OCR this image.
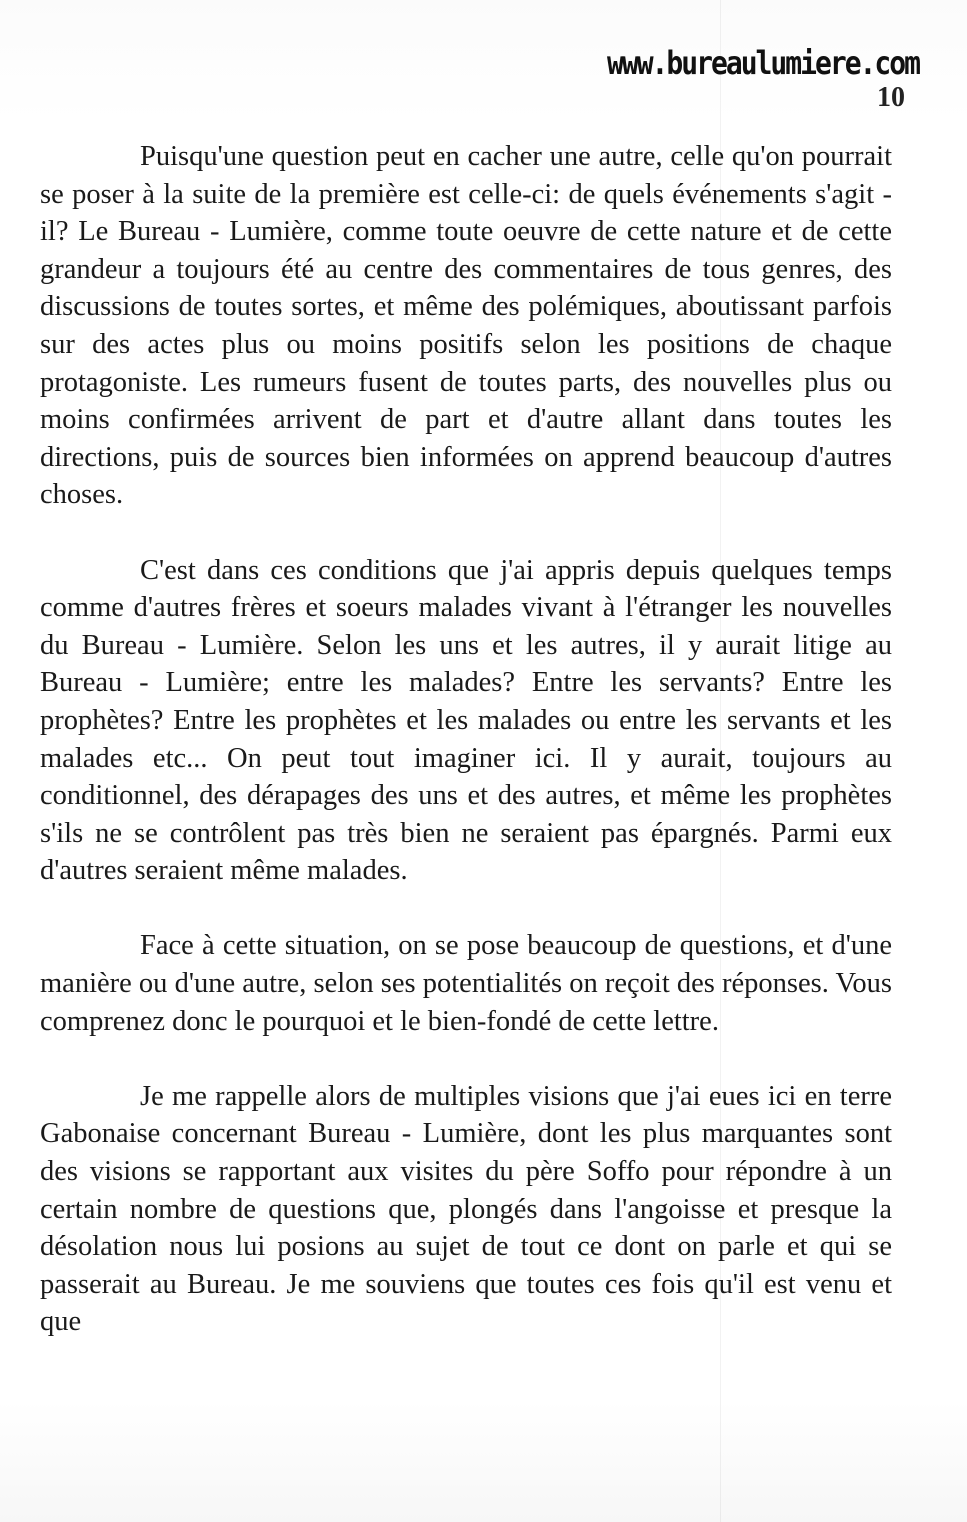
www.bureaulumiere.com
10

Puisqu'une question peut en cacher une autre, celle qu'on pourrait se poser à la suite de la première est celle-ci: de quels événements s'agit - il? Le Bureau - Lumière, comme toute oeuvre de cette nature et de cette grandeur a toujours été au centre des commentaires de tous genres, des discussions de toutes sortes, et même des polémiques, aboutissant parfois sur des actes plus ou moins positifs selon les positions de chaque protagoniste. Les rumeurs fusent de toutes parts, des nouvelles plus ou moins confirmées arrivent de part et d'autre allant dans toutes les directions, puis de sources bien informées on apprend beaucoup d'autres choses.

C'est dans ces conditions que j'ai appris depuis quelques temps comme d'autres frères et soeurs malades vivant à l'étranger les nouvelles du Bureau - Lumière. Selon les uns et les autres, il y aurait litige au Bureau - Lumière; entre les malades? Entre les servants? Entre les prophètes? Entre les prophètes et les malades ou entre les servants et les malades etc... On peut tout imaginer ici. Il y aurait, toujours au conditionnel, des dérapages des uns et des autres, et même les prophètes s'ils ne se contrôlent pas très bien ne seraient pas épargnés. Parmi eux d'autres seraient même malades.

Face à cette situation, on se pose beaucoup de questions, et d'une manière ou d'une autre, selon ses potentialités on reçoit des réponses. Vous comprenez donc le pourquoi et le bien-fondé de cette lettre.

Je me rappelle alors de multiples visions que j'ai eues ici en terre Gabonaise concernant Bureau - Lumière, dont les plus marquantes sont des visions se rapportant aux visites du père Soffo pour répondre à un certain nombre de questions que, plongés dans l'angoisse et presque la désolation nous lui posions au sujet de tout ce dont on parle et qui se passerait au Bureau. Je me souviens que toutes ces fois qu'il est venu et que
